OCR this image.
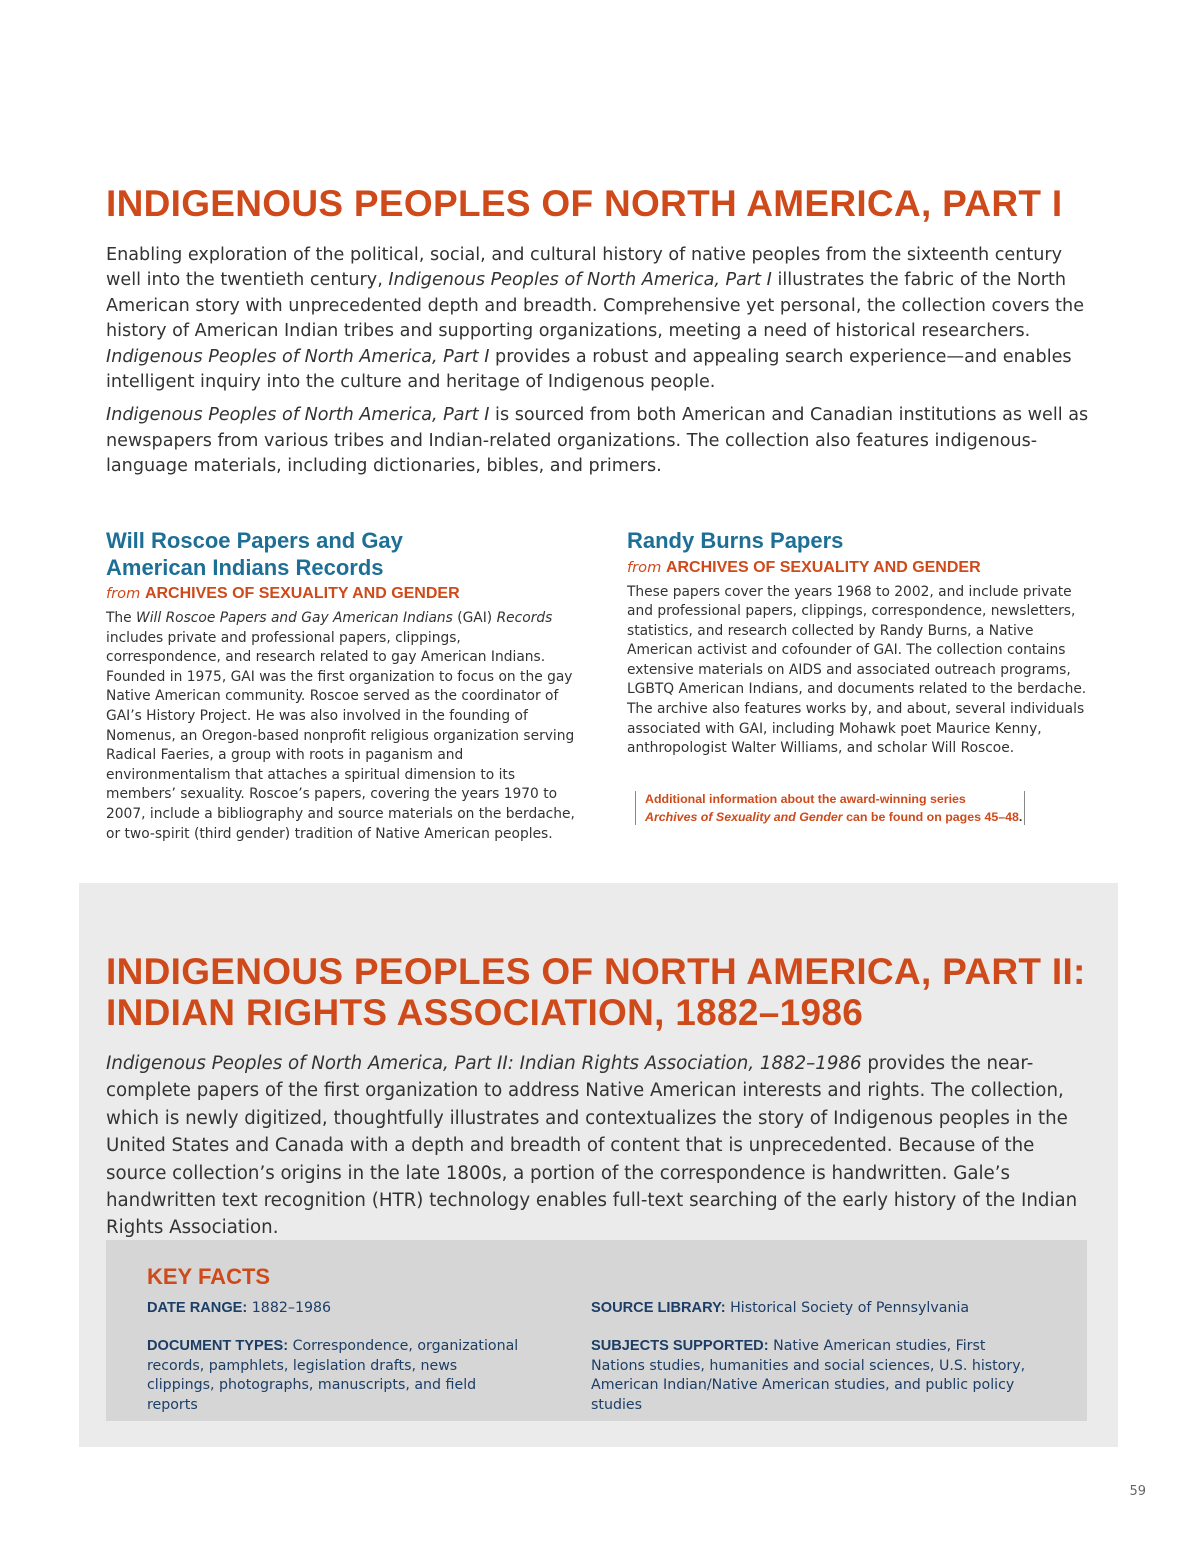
INDIGENOUS PEOPLES OF NORTH AMERICA, PART I

Enabling exploration of the political, social, and cultural history of native peoples from the sixteenth century well into the twentieth century, Indigenous Peoples of North America, Part I illustrates the fabric of the North American story with unprecedented depth and breadth. Comprehensive yet personal, the collection covers the history of American Indian tribes and supporting organizations, meeting a need of historical researchers. Indigenous Peoples of North America, Part I provides a robust and appealing search experience—and enables intelligent inquiry into the culture and heritage of Indigenous people.

Indigenous Peoples of North America, Part I is sourced from both American and Canadian institutions as well as newspapers from various tribes and Indian-related organizations. The collection also features indigenous-language materials, including dictionaries, bibles, and primers.

Will Roscoe Papers and Gay American Indians Records
from ARCHIVES OF SEXUALITY AND GENDER

The Will Roscoe Papers and Gay American Indians (GAI) Records includes private and professional papers, clippings, correspondence, and research related to gay American Indians. Founded in 1975, GAI was the first organization to focus on the gay Native American community. Roscoe served as the coordinator of GAI’s History Project. He was also involved in the founding of Nomenus, an Oregon-based nonprofit religious organization serving Radical Faeries, a group with roots in paganism and environmentalism that attaches a spiritual dimension to its members’ sexuality. Roscoe’s papers, covering the years 1970 to 2007, include a bibliography and source materials on the berdache, or two-spirit (third gender) tradition of Native American peoples.

Randy Burns Papers
from ARCHIVES OF SEXUALITY AND GENDER

These papers cover the years 1968 to 2002, and include private and professional papers, clippings, correspondence, newsletters, statistics, and research collected by Randy Burns, a Native American activist and cofounder of GAI. The collection contains extensive materials on AIDS and associated outreach programs, LGBTQ American Indians, and documents related to the berdache. The archive also features works by, and about, several individuals associated with GAI, including Mohawk poet Maurice Kenny, anthropologist Walter Williams, and scholar Will Roscoe.

Additional information about the award-winning series
Archives of Sexuality and Gender can be found on pages 45–48.
INDIGENOUS PEOPLES OF NORTH AMERICA, PART II:
INDIAN RIGHTS ASSOCIATION, 1882–1986

Indigenous Peoples of North America, Part II: Indian Rights Association, 1882–1986 provides the near-complete papers of the first organization to address Native American interests and rights. The collection, which is newly digitized, thoughtfully illustrates and contextualizes the story of Indigenous peoples in the United States and Canada with a depth and breadth of content that is unprecedented. Because of the source collection’s origins in the late 1800s, a portion of the correspondence is handwritten. Gale’s handwritten text recognition (HTR) technology enables full-text searching of the early history of the Indian Rights Association.

KEY FACTS
DATE RANGE: 1882–1986	SOURCE LIBRARY: Historical Society of Pennsylvania
DOCUMENT TYPES: Correspondence, organizational records, pamphlets, legislation drafts, news clippings, photographs, manuscripts, and field reports
SUBJECTS SUPPORTED: Native American studies, First Nations studies, humanities and social sciences, U.S. history, American Indian/Native American studies, and public policy studies
59
